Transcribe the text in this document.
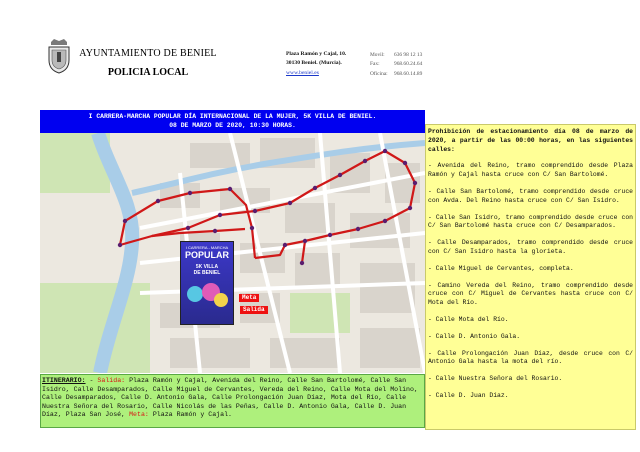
AYUNTAMIENTO DE BENIEL
POLICIA LOCAL
Plaza Ramón y Cajal, 10.
30130 Beniel. (Murcia).
www.beniel.es
Movil: 636 98 12 13
Fax:	968.60.24.64
Oficina: 968.60.14.89
I CARRERA-MARCHA POPULAR DÍA INTERNACIONAL DE LA MUJER, 5K VILLA DE BENIEL.
08 DE MARZO DE 2020, 10:30 HORAS.
I CARRERA - MARCHA
POPULAR
5K VILLA
DE BENIEL
Meta
Salida
ITINERARIO: - Salida: Plaza Ramón y Cajal, Avenida del Reino, Calle San Bartolomé, Calle San Isidro, Calle Desamparados, Calle Miguel de Cervantes, Vereda del Reino, Calle Mota del Molino, Calle Desamparados, Calle D. Antonio Gala, Calle Prolongación Juan Díaz, Mota del Río, Calle Nuestra Señora del Rosario, Calle Nicolás de las Peñas, Calle D. Antonio Gala, Calle D. Juan Díaz, Plaza San José, Meta: Plaza Ramón y Cajal.
Prohibición de estacionamiento día 08 de marzo de 2020, a partir de las 00:00 horas, en las siguientes calles:
- Avenida del Reino, tramo comprendido desde Plaza Ramón y Cajal hasta cruce con C/ San Bartolomé.
- Calle San Bartolomé, tramo comprendido desde cruce con Avda. Del Reino hasta cruce con C/ San Isidro.
- Calle San Isidro, tramo comprendido desde cruce con C/ San Bartolomé hasta cruce con C/ Desamparados.
- Calle Desamparados, tramo comprendido desde cruce con C/ San Isidro hasta la glorieta.
- Calle Miguel de Cervantes, completa.
- Camino Vereda del Reino, tramo comprendido desde cruce con C/ Miguel de Cervantes hasta cruce con C/ Mota del Río.
- Calle Mota del Río.
- Calle D. Antonio Gala.
- Calle Prolongación Juan Díaz, desde cruce con C/ Antonio Gala hasta la mota del río.
- Calle Nuestra Señora del Rosario.
- Calle D. Juan Díaz.
